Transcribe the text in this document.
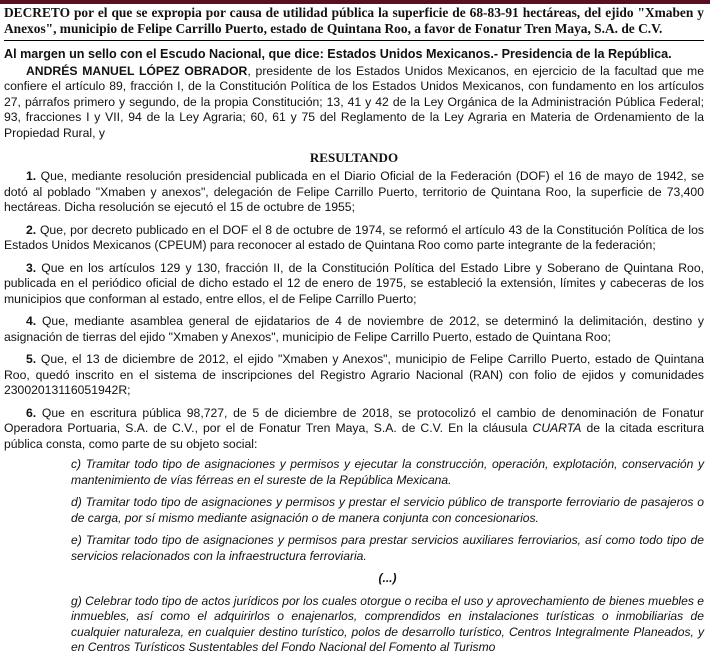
DECRETO por el que se expropia por causa de utilidad pública la superficie de 68-83-91 hectáreas, del ejido "Xmaben y Anexos", municipio de Felipe Carrillo Puerto, estado de Quintana Roo, a favor de Fonatur Tren Maya, S.A. de C.V.

Al margen un sello con el Escudo Nacional, que dice: Estados Unidos Mexicanos.- Presidencia de la República.

ANDRÉS MANUEL LÓPEZ OBRADOR, presidente de los Estados Unidos Mexicanos, en ejercicio de la facultad que me confiere el artículo 89, fracción I, de la Constitución Política de los Estados Unidos Mexicanos, con fundamento en los artículos 27, párrafos primero y segundo, de la propia Constitución; 13, 41 y 42 de la Ley Orgánica de la Administración Pública Federal; 93, fracciones I y VII, 94 de la Ley Agraria; 60, 61 y 75 del Reglamento de la Ley Agraria en Materia de Ordenamiento de la Propiedad Rural, y

RESULTANDO

1. Que, mediante resolución presidencial publicada en el Diario Oficial de la Federación (DOF) el 16 de mayo de 1942, se dotó al poblado "Xmaben y anexos", delegación de Felipe Carrillo Puerto, territorio de Quintana Roo, la superficie de 73,400 hectáreas. Dicha resolución se ejecutó el 15 de octubre de 1955;

2. Que, por decreto publicado en el DOF el 8 de octubre de 1974, se reformó el artículo 43 de la Constitución Política de los Estados Unidos Mexicanos (CPEUM) para reconocer al estado de Quintana Roo como parte integrante de la federación;

3. Que en los artículos 129 y 130, fracción II, de la Constitución Política del Estado Libre y Soberano de Quintana Roo, publicada en el periódico oficial de dicho estado el 12 de enero de 1975, se estableció la extensión, límites y cabeceras de los municipios que conforman al estado, entre ellos, el de Felipe Carrillo Puerto;

4. Que, mediante asamblea general de ejidatarios de 4 de noviembre de 2012, se determinó la delimitación, destino y asignación de tierras del ejido "Xmaben y Anexos", municipio de Felipe Carrillo Puerto, estado de Quintana Roo;

5. Que, el 13 de diciembre de 2012, el ejido "Xmaben y Anexos", municipio de Felipe Carrillo Puerto, estado de Quintana Roo, quedó inscrito en el sistema de inscripciones del Registro Agrario Nacional (RAN) con folio de ejidos y comunidades 23002013116051942R;

6. Que en escritura pública 98,727, de 5 de diciembre de 2018, se protocolizó el cambio de denominación de Fonatur Operadora Portuaria, S.A. de C.V., por el de Fonatur Tren Maya, S.A. de C.V. En la cláusula CUARTA de la citada escritura pública consta, como parte de su objeto social:

c) Tramitar todo tipo de asignaciones y permisos y ejecutar la construcción, operación, explotación, conservación y mantenimiento de vías férreas en el sureste de la República Mexicana.

d) Tramitar todo tipo de asignaciones y permisos y prestar el servicio público de transporte ferroviario de pasajeros o de carga, por sí mismo mediante asignación o de manera conjunta con concesionarios.

e) Tramitar todo tipo de asignaciones y permisos para prestar servicios auxiliares ferroviarios, así como todo tipo de servicios relacionados con la infraestructura ferroviaria.

(...)

g) Celebrar todo tipo de actos jurídicos por los cuales otorgue o reciba el uso y aprovechamiento de bienes muebles e inmuebles, así como el adquirirlos o enajenarlos, comprendidos en instalaciones turísticas o inmobiliarias de cualquier naturaleza, en cualquier destino turístico, polos de desarrollo turístico, Centros Integralmente Planeados, y en Centros Turísticos Sustentables del Fondo Nacional del Fomento al Turismo
